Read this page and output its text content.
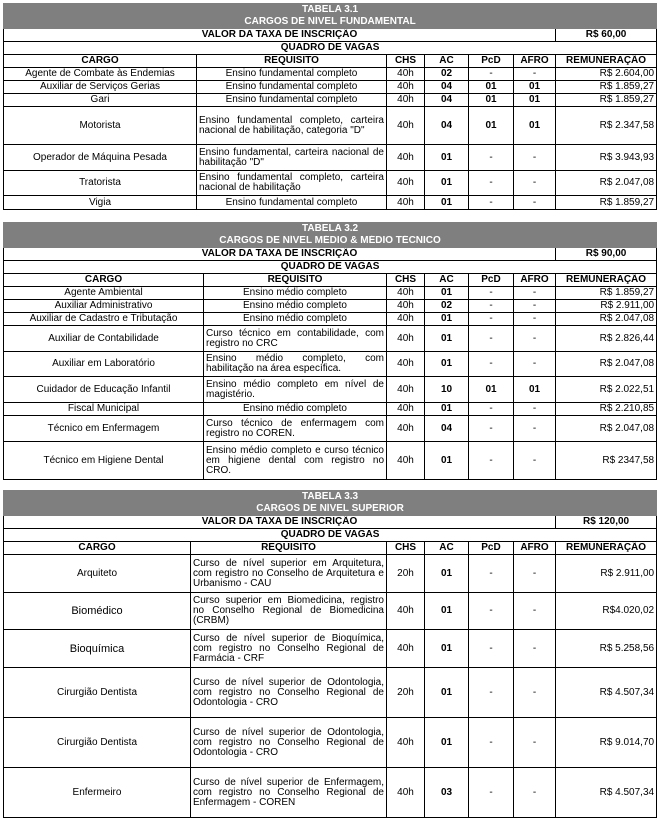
TABELA 3.1						
CARGOS DE NÍVEL FUNDAMENTAL						
VALOR DA TAXA DE INSCRIÇÃO						R$ 60,00
QUADRO DE VAGAS						
CARGO	REQUISITO	CHS	AC	PcD	AFRO	REMUNERAÇÃO
Agente de Combate às Endemias	Ensino fundamental completo	40h	02	-	-	R$ 2.604,00
Auxiliar de Serviços Gerias	Ensino fundamental completo	40h	04	01	01	R$ 1.859,27
Gari	Ensino fundamental completo	40h	04	01	01	R$ 1.859,27
Motorista	Ensino fundamental completo, carteira nacional de habilitação, categoria "D"	40h	04	01	01	R$ 2.347,58
Operador de Máquina Pesada	Ensino fundamental, carteira nacional de habilitação "D"	40h	01	-	-	R$ 3.943,93
Tratorista	Ensino fundamental completo, carteira nacional de habilitação	40h	01	-	-	R$ 2.047,08
Vigia	Ensino fundamental completo	40h	01	-	-	R$ 1.859,27
TABELA 3.2						
CARGOS DE NÍVEL MÉDIO & MÉDIO TÉCNICO						
VALOR DA TAXA DE INSCRIÇÃO						R$ 90,00
QUADRO DE VAGAS						
CARGO	REQUISITO	CHS	AC	PcD	AFRO	REMUNERAÇÃO
Agente Ambiental	Ensino médio completo	40h	01	-	-	R$ 1.859,27
Auxiliar Administrativo	Ensino médio completo	40h	02	-	-	R$ 2.911,00
Auxiliar de Cadastro e Tributação	Ensino médio completo	40h	01	-	-	R$ 2.047,08
Auxiliar de Contabilidade	Curso técnico em contabilidade, com registro no CRC	40h	01	-	-	R$ 2.826,44
Auxiliar em Laboratório	Ensino médio completo, com habilitação na área específica.	40h	01	-	-	R$ 2.047,08
Cuidador de Educação Infantil	Ensino médio completo em nível de magistério.	40h	10	01	01	R$ 2.022,51
Fiscal Municipal	Ensino médio completo	40h	01	-	-	R$ 2.210,85
Técnico em Enfermagem	Curso técnico de enfermagem com registro no COREN.	40h	04	-	-	R$ 2.047,08
Técnico em Higiene Dental	Ensino médio completo e curso técnico em higiene dental com registro no CRO.	40h	01	-	-	R$ 2347,58
TABELA 3.3						
CARGOS DE NÍVEL SUPERIOR						
VALOR DA TAXA DE INSCRIÇÃO						R$ 120,00
QUADRO DE VAGAS						
CARGO	REQUISITO	CHS	AC	PcD	AFRO	REMUNERAÇÃO
Arquiteto	Curso de nível superior em Arquitetura, com registro no Conselho de Arquitetura e Urbanismo - CAU	20h	01	-	-	R$ 2.911,00
Biomédico	Curso superior em Biomedicina, registro no Conselho Regional de Biomedicina (CRBM)	40h	01	-	-	R$4.020,02
Bioquímica	Curso de nível superior de Bioquímica, com registro no Conselho Regional de Farmácia - CRF	40h	01	-	-	R$ 5.258,56
Cirurgião Dentista	Curso de nível superior de Odontologia, com registro no Conselho Regional de Odontologia - CRO	20h	01	-	-	R$ 4.507,34
Cirurgião Dentista	Curso de nível superior de Odontologia, com registro no Conselho Regional de Odontologia - CRO	40h	01	-	-	R$ 9.014,70
Enfermeiro	Curso de nível superior de Enfermagem, com registro no Conselho Regional de Enfermagem - COREN	40h	03	-	-	R$ 4.507,34
